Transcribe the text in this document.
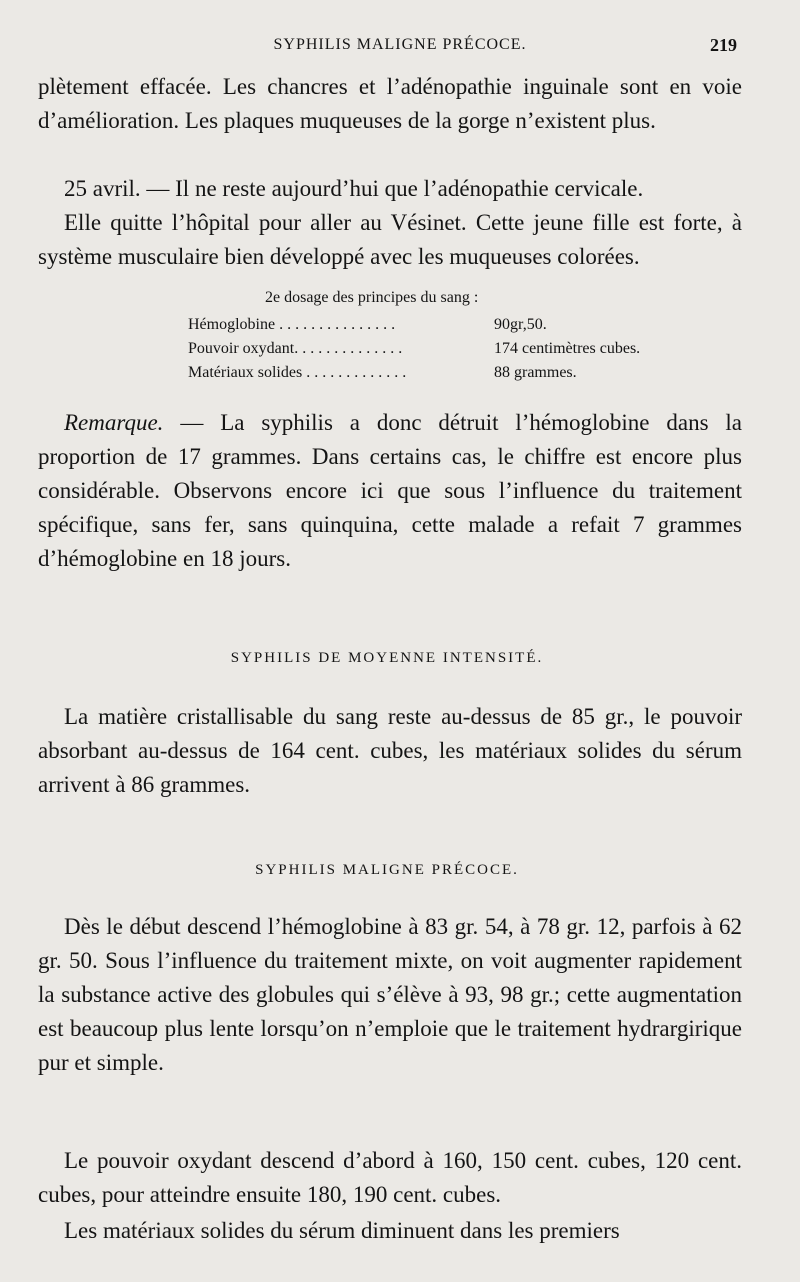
SYPHILIS MALIGNE PRÉCOCE.	219

plètement effacée. Les chancres et l’adénopathie inguinale sont en voie d’amélioration. Les plaques muqueuses de la gorge n’existent plus.

25 avril. — Il ne reste aujourd’hui que l’adénopathie cervicale.

Elle quitte l’hôpital pour aller au Vésinet. Cette jeune fille est forte, à système musculaire bien développé avec les muqueuses colorées.

2e dosage des principes du sang :
Hémoglobine . . . . . . . . . . . . . . .	90gr,50.
Pouvoir oxydant. . . . . . . . . . . . . .	174 centimètres cubes.
Matériaux solides . . . . . . . . . . . . .	88 grammes.

Remarque. — La syphilis a donc détruit l’hémoglobine dans la proportion de 17 grammes. Dans certains cas, le chiffre est encore plus considérable. Observons encore ici que sous l’influence du traitement spécifique, sans fer, sans quinquina, cette malade a refait 7 grammes d’hémoglobine en 18 jours.

SYPHILIS DE MOYENNE INTENSITÉ.

La matière cristallisable du sang reste au-dessus de 85 gr., le pouvoir absorbant au-dessus de 164 cent. cubes, les matériaux solides du sérum arrivent à 86 grammes.

SYPHILIS MALIGNE PRÉCOCE.

Dès le début descend l’hémoglobine à 83 gr. 54, à 78 gr. 12, parfois à 62 gr. 50. Sous l’influence du traitement mixte, on voit augmenter rapidement la substance active des globules qui s’élève à 93, 98 gr.; cette augmentation est beaucoup plus lente lorsqu’on n’emploie que le traitement hydrargirique pur et simple.

Le pouvoir oxydant descend d’abord à 160, 150 cent. cubes, 120 cent. cubes, pour atteindre ensuite 180, 190 cent. cubes.

Les matériaux solides du sérum diminuent dans les premiers
